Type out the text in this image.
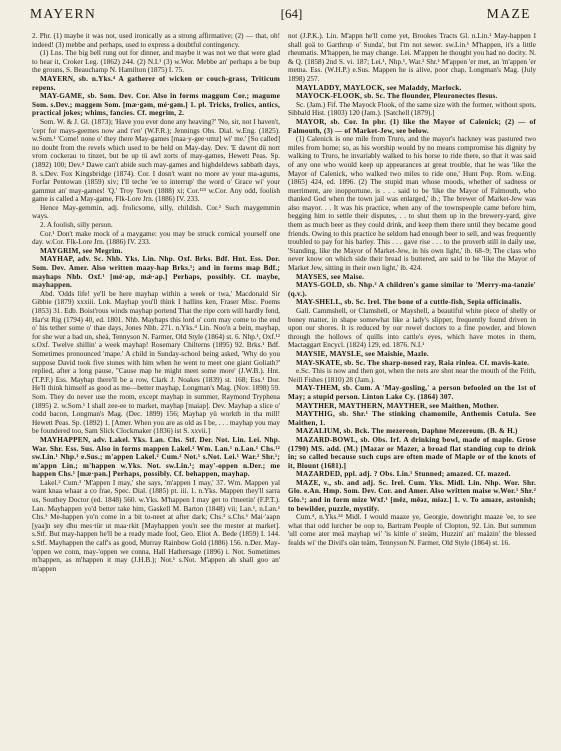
MAYERN	[64]	MAZE

2. Phr. (1) maybe it was not, used ironically as a strong affirmative; (2) — that, oh! indeed! (3) mebbe and perhaps, used to express a doubtful contingency.

(1) Lns. The big bell rung out for dinner, and maybe it was not we that were glad to hear it, Croker Leg. (1862) 244. (2) N.I.¹ (3) w.Wor. Mebbe an' perhaps a be bup the grouns, S. Beauchamp N. Hamilton (1875) I. 75.

MAYERN, sb. n.Yks.⁴ A gatherer of wicken or couch-grass, Triticum repens.

MAY-GAME, sb. Som. Dev. Cor. Also in forms maggum Cor.; magume Som. s.Dev.; maggem Som. [mæ·gəm, mé·gəm.] 1. pl. Tricks, frolics, antics, practical jokes; whims, fancies. Cf. megrim, 2.

Som. W. & J. Gl. (1873); 'Have you ever done any heaving?' 'No, sir, not I haven't, 'cept for mays-geemes now and t'en' (W.F.R.); Jennings Obs. Dial. w.Eng. (1825). w.Som.¹ 'Come! none o' they there May-games [maa·y-gee·umz] wi' me.' [So called] no doubt from the revels which used to be held on May-day. Dev. 'E dawnt dü nort vrom cockerau to tinzet, but be up tü awl zorts of may-games, Hewett Peas. Sp. (1892) 100; Dev.³ Dawe can't abide such may-games and highdeldews sabbath days, 8. s.Dev. Fox Kingsbridge (1874). Cor. I dosn't want no more av your ma-agums, Forfar Pentowan (1859) xiv; I'll teche 'ee to interrup' the word o' Grace wi' your gammut an' may-games! 'Q.' Troy Town (1888) xi; Cor.¹²³ w.Cor. Any odd, foolish game is called a May-game, Flk-Lore Jrn. (1886) IV. 233.

Hence May-gemmin, adj. frolicsome, silly, childish. Cor.² Such maygemmin ways.

2. A foolish, silly person.

Cor.¹ Don't make mock of a maygame: you may be struck comical yourself one day. w.Cor. Flk-Lore Jrn. (1886) IV. 233.

MAYGRIM, see Megrim.

MAYHAP, adv. Sc. Nhb. Yks. Lin. Nhp. Oxf. Brks. Bdf. Hnt. Ess. Dor. Som. Dev. Amer. Also written maay-hap Brks.¹; and in forms map Bdf.; mayhaps Nhb. Oxf.¹ [mé·ap, mǽ·ap.] Perhaps, possibly. Cf. maybe, mayhappen.

Abd. 'Odds life! ye'll be here mayhap within a week or twa,' Macdonald Sir Gibbie (1879) xxxiii. Lnk. Mayhap you'll think I hallins ken, Fraser Misc. Poems (1853) 31. Edb. Boist'rous winds mayhap portend That the ripe corn will hardly fend, Har'st Rig (1794) 40, ed. 1801. Nhb. Mayhaps this lord o' corn may come to the end o' his tether some o' thae days, Jones Nhb. 271. n.Yks.⁴ Lin. Noo'n a bein, mayhap, for she wur a bad un, sheä, Tennyson N. Farmer, Old Style (1864) st. 6. Nhp.¹, Oxf.¹² s.Oxf. Twelve shillin' a week mayhap! Rosemary Chilterns (1895) 92. Brks.¹ Bdf. Sometimes pronounced 'mape.' A child in Sunday-school being asked, 'Why do you suppose David took five stones with him when he went to meet one giant Goliath?' replied, after a long pause, ''Cause map he might meet some more' (J.W.B.). Hnt. (T.P.F.) Ess. Mayhap there'll be a row, Clark J. Noakes (1839) st. 168; Ess.¹ Dor. He'll think himself as good as me—better mayhap, Longman's Mag. (Nov. 1898) 59. Som. They do never use the room, except mayhap in summer, Raymond Tryphena (1895) 2. w.Som.¹ I shall zee-ee to market, mayhap [maiap]. Dev. Mayhap a slice o' codd bacon, Longman's Mag. (Dec. 1899) 156; Mayhap yü workth in tha mill! Hewett Peas. Sp. (1892) 1. [Amer. When you are as old as I be, . . . mayhap you may be foundered too, Sam Slick Clockmaker (1836) ist S. xxvii.]

MAYHAPPEN, adv. Lakel. Yks. Lan. Chs. Stf. Der. Not. Lin. Lei. Nhp. War. Shr. Ess. Sus. Also in forms mappen Lakel.² Wm. Lan.¹ n.Lan.¹ Chs.¹² sw.Lin.¹ Nhp.¹ e.Sus.; m'appen Lakel.² Cum.² Not.¹ s.Not. Lei.¹ War.² Shr.¹; m'appn Lin.; m'happen w.Yks. Not. sw.Lin.¹; may'-oppen n.Der.; me happen Chs.¹ [mæ·pən.] Perhaps, possibly. Cf. behappen, mayhap.

Lakel.² Cum.² 'M'appen I may,' she says, 'm'appen I may,' 37. Wm. Mappen yal want knaa whaar a co frae, Spec. Dial. (1885) pt. iii. 1. n.Yks. Mappen they'll sarra us, Southey Doctor (ed. 1848) 560. w.Yks. M'happen I may get to t'meetin' (F.P.T.). Lan. Mayhappen yo'd better take him, Gaskell M. Barton (1848) vii; Lan.¹, n.Lan.¹ Chs.¹ Me-happen yo'n come in a bit to-neet at after dark; Chs.³ s.Chs.¹ Mai·'aapn [yaa]n sey dhu mes·tür ut maa·rkit [Mayhappen you'n see the mester at market]. s.Stf. But may-happen he'll be a ready made fool, Geo. Eliot A. Bede (1859) I. 144. s.Stf. Mayhappen the calf's as good, Murray Rainbow Gold (1886) 156. n.Der. May-'oppen we conn, may-'oppen we conna, Hall Hathersage (1896) i. Not. Sometimes m'happen, as m'happen it may (J.H.B.); Not.¹ s.Not. M'appen ah shall goo an' m'appen

not (J.P.K.). Lin. M'appn he'll come yet, Brookes Tracts Gl. n.Lin.¹ May-happen I shall goä to Garthrup o' Sunda', but I'm not sewer. sw.Lin.¹ M'happen, it's a little rheumatis. M'happen, he may change. Lei. M'appen he thought you had no docity. N. & Q. (1858) 2nd S. vi. 187; Lei.¹, Nhp.¹, War.² Shr.¹ M'appen 'er met, an 'm'appen 'er metna. Ess. (W.H.P.) e.Sus. Mappen he is alive, poor chap, Longman's Mag. (July 1898) 257.

MAYLADDY, MAYLOCK, see Maladdy, Marlock.

MAYOCK-FLOOK, sb. Sc. The flounder, Pleuronectes flesus.

Sc. (Jam.) Fif. The Mayock Flook, of the same size with the former, without spots, Sibbald Hist. (1803) 120 (Jam.). [Satchell (1879).]

MAYOR, sb. Cor. In phr. (1) like the Mayor of Calenick; (2) — of Falmouth, (3) — of Market-Jew, see below.

(1) Calenick is one mile from Truro, and the mayor's hackney was pastured two miles from home; so, as his worship would by no means compromise his dignity by walking to Truro, he invariably walked to his horse to ride there, so that it was said of any one who would keep up appearances at great trouble, that he was 'like the Mayor of Calenick, who walked two miles to ride one,' Hunt Pop. Rom. w.Eng. (1865) 424, ed. 1896. (2) The stupid man whose moods, whether of sadness or merriment, are inopportune, is . . . said to be 'like the Mayor of Falmouth, who thanked God when the town jail was enlarged,' ib.; The brewer of Market-Jew was also mayor. . . It was his practice, when any of the townspeople came before him, begging him to settle their disputes, . . to shut them up in the brewery-yard, give them as much beer as they could drink, and keep them there until they became good friends. Owing to this practice he seldom had enough beer to sell, and was frequently troubled to pay for his barley. This . . . gave rise . . . to the proverb still in daily use, 'Standing, like the Mayor of Market-Jew, in his own light,' ib. 68–9; The class who never know on which side their bread is buttered, are said to be 'like the Mayor of Market Jew, sitting in their own light,' ib. 424.

MAYSES, see Maise.

MAYS-GOLD, sb. Nhp.² A children's game similar to 'Merry-ma-tanzie' (q.v.).

MAY-SHELL, sb. Sc. Irel. The bone of a cuttle-fish, Sepia officinalis.

Gall. Cammshell, or Clamshell, or Mayshell, a beautiful white piece of shelly or boney matter, in shape somewhat like a lady's slipper, frequently found driven in upon our shores. It is reduced by our rowel doctors to a fine powder, and blown through the hollows of quills into cattle's eyes, which have motes in them, Mactaggart Encycl. (1824) 129, ed. 1876. N.I.¹

MAYSIE, MAYSLE, see Maishie, Mazle.

MAY-SKATE, sb. Sc. The sharp-nosed ray, Raia rinlea. Cf. mavis-kate.

e.Sc. This is now and then got, when the nets are shot near the mouth of the Frith, Neill Fishes (1810) 28 (Jam.).

MAY-THEM, sb. Cum. A 'May-gosling,' a person befooled on the 1st of May; a stupid person. Linton Lake Cy. (1864) 307.

MAYTHER, MAYTHERN, MAYTHER, see Maithen, Mother.

MAYTHIG, sb. Shr.¹ The stinking chamomile, Anthemis Cotula. See Maithen, 1.

MAZALIUM, sb. Bck. The mezereon, Daphne Mezereum. (B. & H.)

MAZARD-BOWL, sb. Obs. Irf. A drinking bowl, made of maple. Grose (1790) MS. add. (M.) [Mazar or Mazer, a broad flat standing cup to drink in; so called because such cups are often made of Maple or of the knots of it, Blount (1681).]

MAZARDED, ppl. adj. ? Obs. Lin.¹ Stunned; amazed. Cf. mazed.

MAZE, v., sb. and adj. Sc. Irel. Cum. Yks. Midl. Lin. Nhp. Wor. Shr. Glo. e.An. Hmp. Som. Dev. Cor. and Amer. Also written maise w.Wor.¹ Shr.² Glo.¹; and in form mize Wxf.¹ [mēz, mēəz, miəz.] 1. v. To amaze, astonish; to bewilder, puzzle, mystify.

Cum.⁴, n.Yks.²⁴ Midl. I would maaze ye, Georgie, downright maaze 'ee, to see what that odd lurcher be oop to, Bartram People of Clopton, 92. Lin. But summun 'ull come ater meä mayhap wi' 'is kittle o' steäm, Huzzin' an' maäzin' the blessed fealds wi' the Divil's oän teäm, Tennyson N. Farmer, Old Style (1864) st. 16.
